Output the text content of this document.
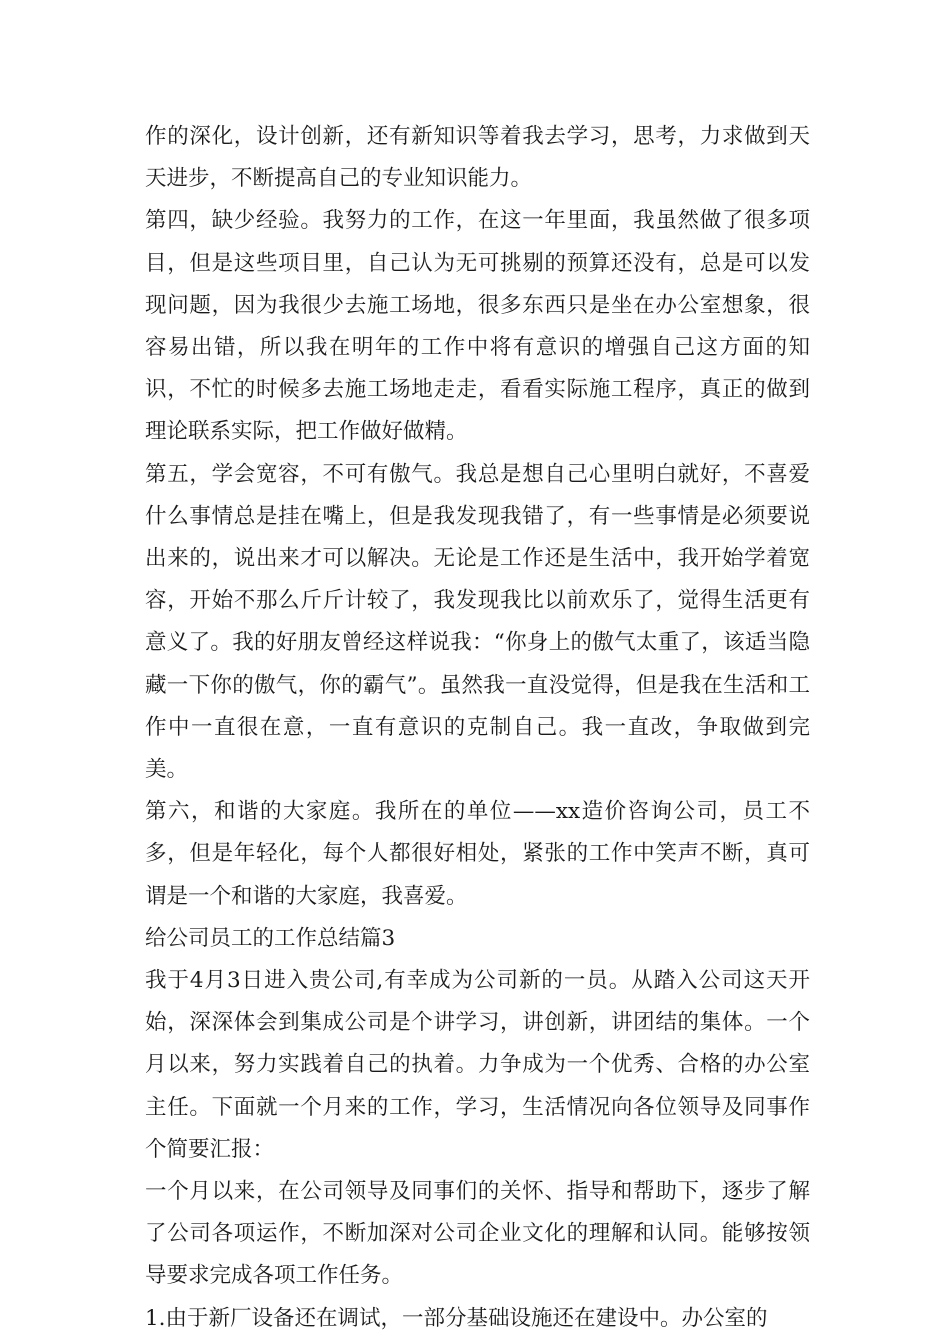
作的深化，设计创新，还有新知识等着我去学习，思考，力求做到天天进步，不断提高自己的专业知识能力。

第四，缺少经验。我努力的工作，在这一年里面，我虽然做了很多项目，但是这些项目里，自己认为无可挑剔的预算还没有，总是可以发现问题，因为我很少去施工场地，很多东西只是坐在办公室想象，很容易出错，所以我在明年的工作中将有意识的增强自己这方面的知识，不忙的时候多去施工场地走走，看看实际施工程序，真正的做到理论联系实际，把工作做好做精。

第五，学会宽容，不可有傲气。我总是想自己心里明白就好，不喜爱什么事情总是挂在嘴上，但是我发现我错了，有一些事情是必须要说出来的，说出来才可以解决。无论是工作还是生活中，我开始学着宽容，开始不那么斤斤计较了，我发现我比以前欢乐了，觉得生活更有意义了。我的好朋友曾经这样说我：“你身上的傲气太重了，该适当隐藏一下你的傲气，你的霸气”。虽然我一直没觉得，但是我在生活和工作中一直很在意，一直有意识的克制自己。我一直改，争取做到完美。

第六，和谐的大家庭。我所在的单位——xx造价咨询公司，员工不多，但是年轻化，每个人都很好相处，紧张的工作中笑声不断，真可谓是一个和谐的大家庭，我喜爱。

给公司员工的工作总结篇3

我于4月3日进入贵公司,有幸成为公司新的一员。从踏入公司这天开始，深深体会到集成公司是个讲学习，讲创新，讲团结的集体。一个月以来，努力实践着自己的执着。力争成为一个优秀、合格的办公室主任。下面就一个月来的工作，学习，生活情况向各位领导及同事作个简要汇报：

一个月以来，在公司领导及同事们的关怀、指导和帮助下，逐步了解了公司各项运作，不断加深对公司企业文化的理解和认同。能够按领导要求完成各项工作任务。

1.由于新厂设备还在调试，一部分基础设施还在建设中。办公室的
